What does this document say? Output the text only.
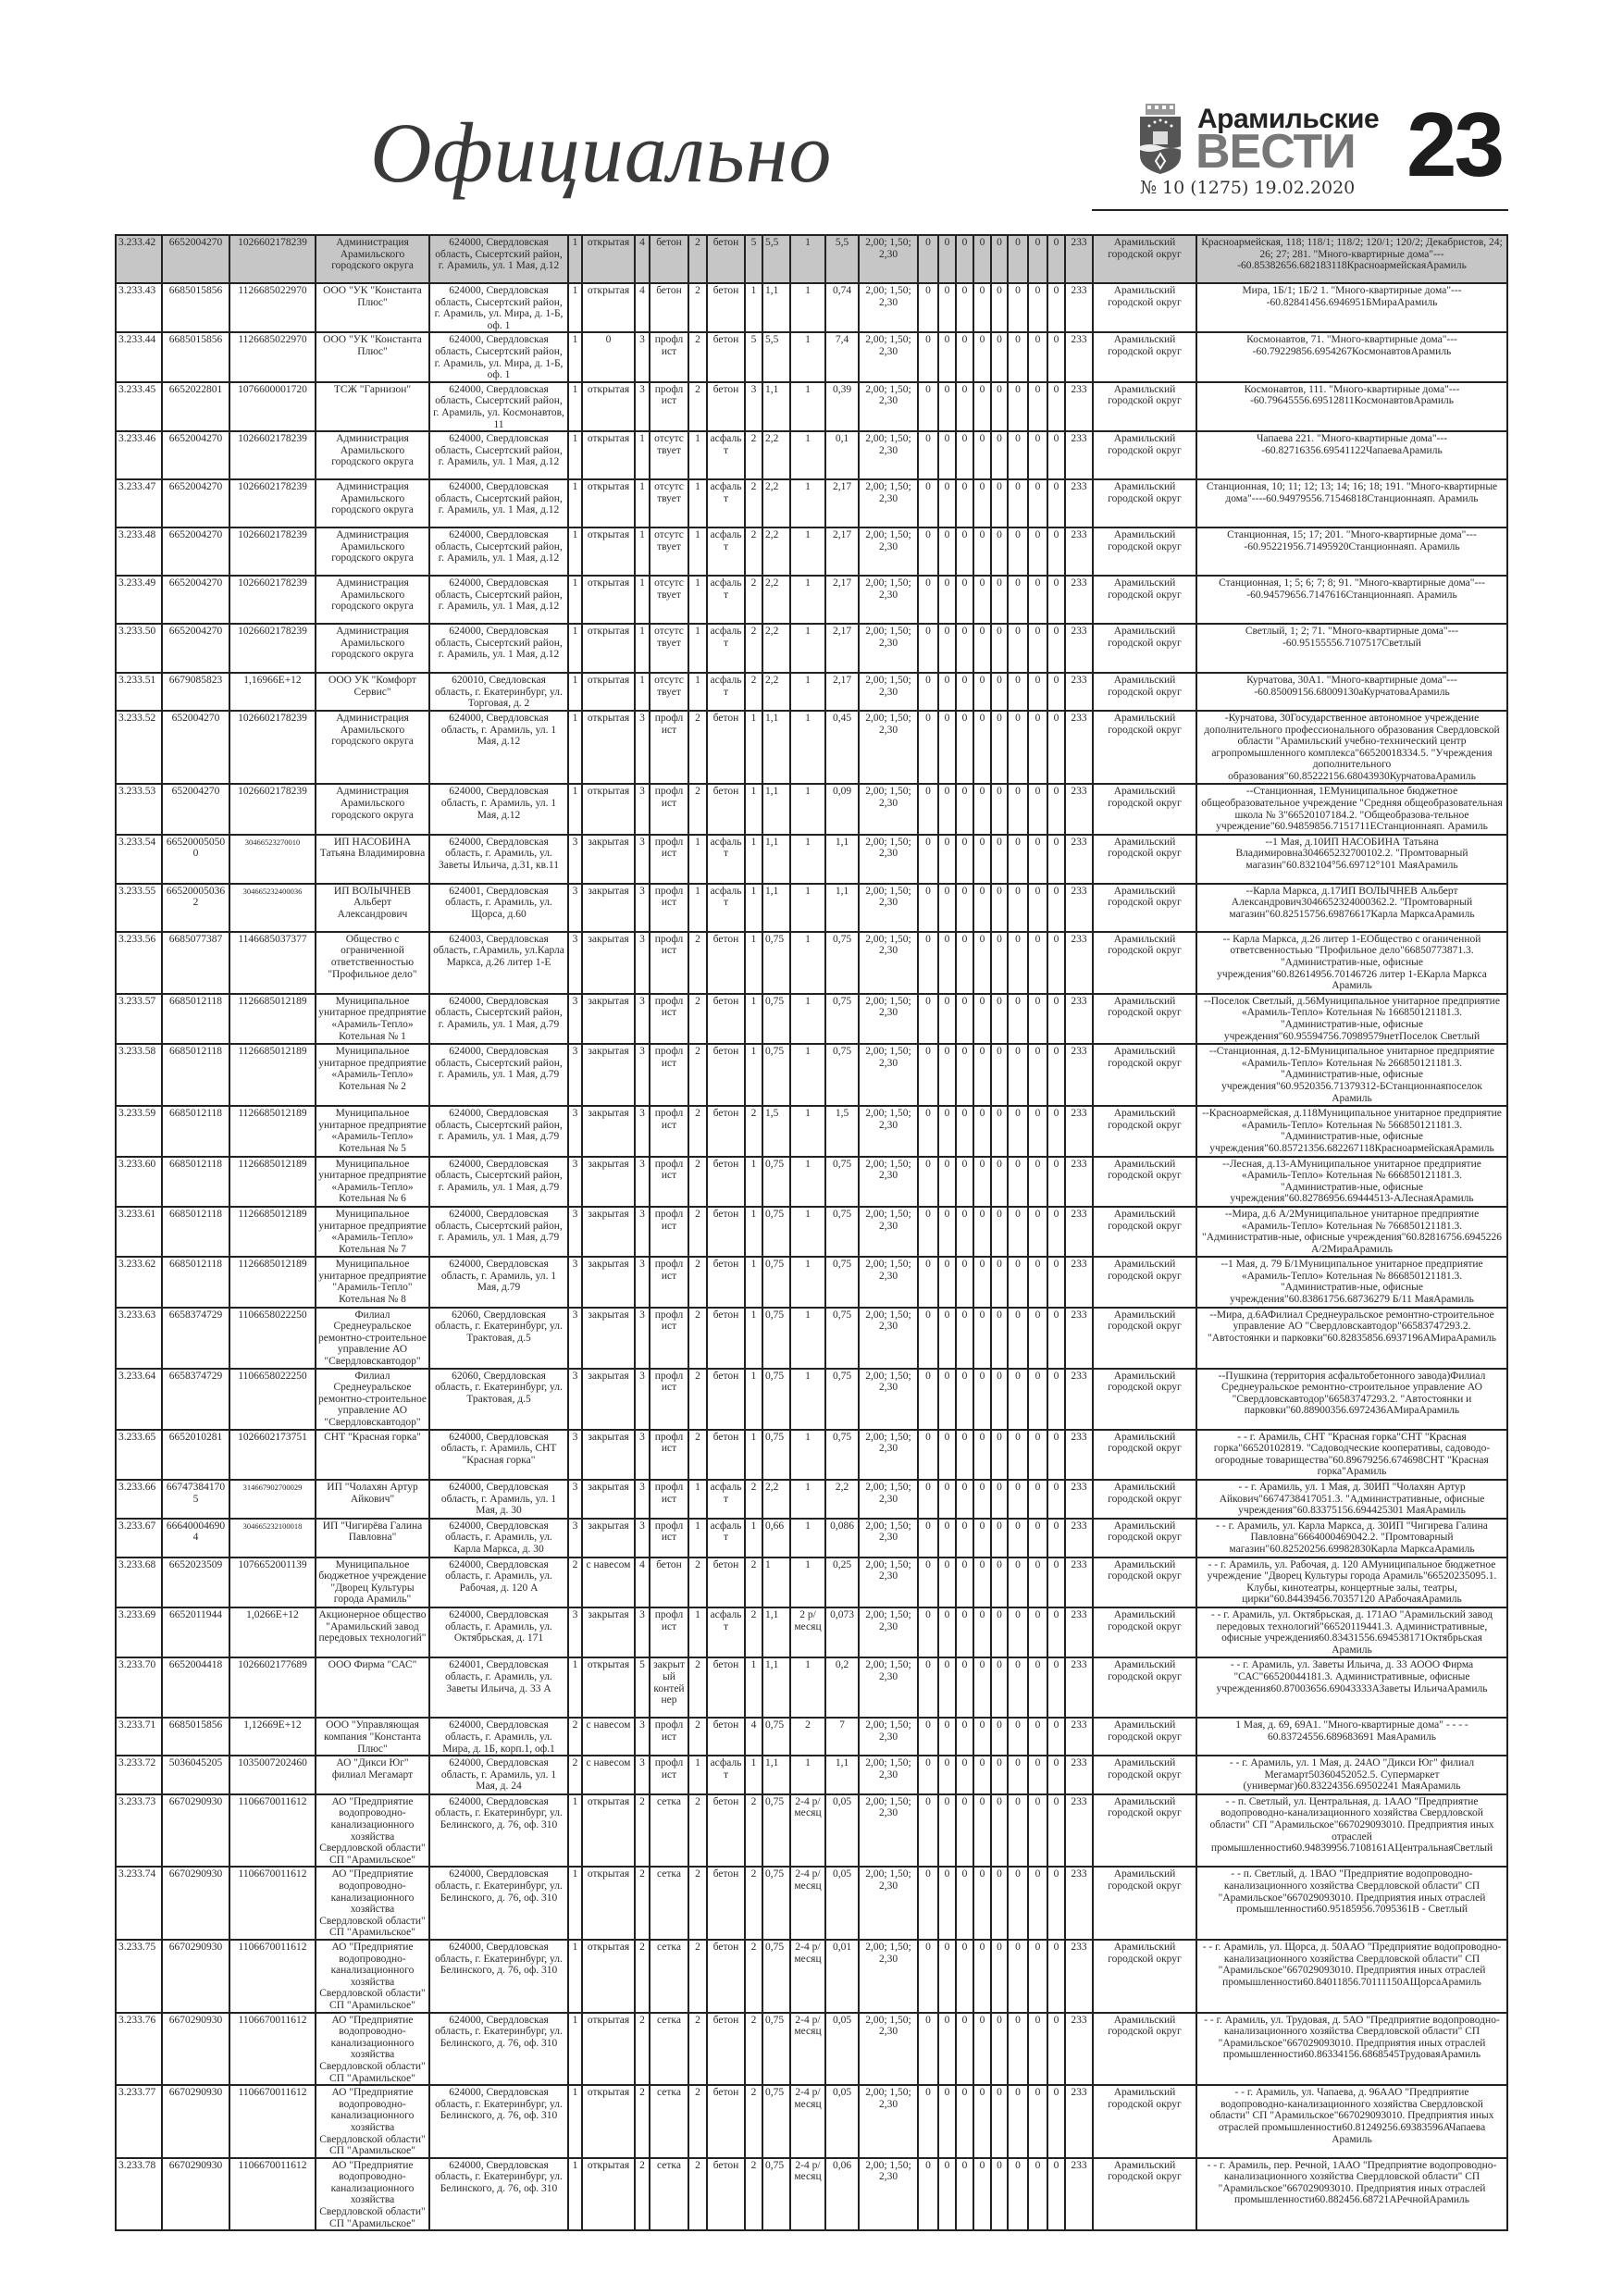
Официально	Арамильские
ВЕСТИ 23
№ 10 (1275) 19.02.2020
3.233.42	6652004270	1026602178239	Администрация Арамильского городского округа	624000, Свердловская область, Сысертский район, г. Арамиль, ул. 1 Мая, д.12	1	открытая	4	бетон	2	бетон	5	5,5	1	5,5	2,00; 1,50; 2,30	0	0	0	0	0	0	0	0	233	Арамильский городской округ	Красноармейская, 118; 118/1; 118/2; 120/1; 120/2; Декабристов, 24; 26; 27; 281. "Много-квартирные дома"----60.85382656.682183118КрасноармейскаяАрамиль
3.233.43	6685015856	1126685022970	ООО "УК "Константа Плюс"	624000, Свердловская область, Сысертский район, г. Арамиль, ул. Мира, д. 1-Б, оф. 1	1	открытая	4	бетон	2	бетон	1	1,1	1	0,74	2,00; 1,50; 2,30	0	0	0	0	0	0	0	0	233	Арамильский городской округ	Мира, 1Б/1; 1Б/2 1. "Много-квартирные дома"----60.82841456.6946951БМираАрамиль
3.233.44	6685015856	1126685022970	ООО "УК "Константа Плюс"	624000, Свердловская область, Сысертский район, г. Арамиль, ул. Мира, д. 1-Б, оф. 1	1	0	3	профлист	2	бетон	5	5,5	1	7,4	2,00; 1,50; 2,30	0	0	0	0	0	0	0	0	233	Арамильский городской округ	Космонавтов, 71. "Много-квартирные дома"----60.79229856.6954267КосмонавтовАрамиль
3.233.45	6652022801	1076600001720	ТСЖ "Гарнизон"	624000, Свердловская область, Сысертский район, г. Арамиль, ул. Космонавтов, 11	1	открытая	3	профлист	2	бетон	3	1,1	1	0,39	2,00; 1,50; 2,30	0	0	0	0	0	0	0	0	233	Арамильский городской округ	Космонавтов, 111. "Много-квартирные дома"----60.79645556.69512811КосмонавтовАрамиль
3.233.46	6652004270	1026602178239	Администрация Арамильского городского округа	624000, Свердловская область, Сысертский район, г. Арамиль, ул. 1 Мая, д.12	1	открытая	1	отсутствует	1	асфальт	2	2,2	1	0,1	2,00; 1,50; 2,30	0	0	0	0	0	0	0	0	233	Арамильский городской округ	Чапаева 221. "Много-квартирные дома"----60.82716356.69541122ЧапаеваАрамиль
3.233.47	6652004270	1026602178239	Администрация Арамильского городского округа	624000, Свердловская область, Сысертский район, г. Арамиль, ул. 1 Мая, д.12	1	открытая	1	отсутствует	1	асфальт	2	2,2	1	2,17	2,00; 1,50; 2,30	0	0	0	0	0	0	0	0	233	Арамильский городской округ	Станционная, 10; 11; 12; 13; 14; 16; 18; 191. "Много-квартирные дома"----60.94979556.71546818Станционнаяп. Арамиль
3.233.48	6652004270	1026602178239	Администрация Арамильского городского округа	624000, Свердловская область, Сысертский район, г. Арамиль, ул. 1 Мая, д.12	1	открытая	1	отсутствует	1	асфальт	2	2,2	1	2,17	2,00; 1,50; 2,30	0	0	0	0	0	0	0	0	233	Арамильский городской округ	Станционная, 15; 17; 201. "Много-квартирные дома"----60.95221956.71495920Станционнаяп. Арамиль
3.233.49	6652004270	1026602178239	Администрация Арамильского городского округа	624000, Свердловская область, Сысертский район, г. Арамиль, ул. 1 Мая, д.12	1	открытая	1	отсутствует	1	асфальт	2	2,2	1	2,17	2,00; 1,50; 2,30	0	0	0	0	0	0	0	0	233	Арамильский городской округ	Станционная, 1; 5; 6; 7; 8; 91. "Много-квартирные дома"----60.94579656.7147616Станционнаяп. Арамиль
3.233.50	6652004270	1026602178239	Администрация Арамильского городского округа	624000, Свердловская область, Сысертский район, г. Арамиль, ул. 1 Мая, д.12	1	открытая	1	отсутствует	1	асфальт	2	2,2	1	2,17	2,00; 1,50; 2,30	0	0	0	0	0	0	0	0	233	Арамильский городской округ	Светлый, 1; 2; 71. "Много-квартирные дома"----60.95155556.7107517Светлый
3.233.51	6679085823	1,16966E+12	ООО УК "Комфорт Сервис"	620010, Сведловская область, г. Екатеринбург, ул. Торговая, д. 2	1	открытая	1	отсутствует	1	асфальт	2	2,2	1	2,17	2,00; 1,50; 2,30	0	0	0	0	0	0	0	0	233	Арамильский городской округ	Курчатова, 30А1. "Много-квартирные дома"----60.85009156.68009130аКурчатоваАрамиль
3.233.52	652004270	1026602178239	Администрация Арамильского городского округа	624000, Свердловская область, г. Арамиль, ул. 1 Мая, д.12	1	открытая	3	профлист	2	бетон	1	1,1	1	0,45	2,00; 1,50; 2,30	0	0	0	0	0	0	0	0	233	Арамильский городской округ	-Курчатова, 30Государственное автономное учреждение дополнительного профессионального образования Свердловской области "Арамильский учебно-технический центр агропромышленного комплекса"66520018334.5. "Учреждения дополнительного образования"60.85222156.68043930КурчатоваАрамиль
3.233.53	652004270	1026602178239	Администрация Арамильского городского округа	624000, Свердловская область, г. Арамиль, ул. 1 Мая, д.12	1	открытая	3	профлист	2	бетон	1	1,1	1	0,09	2,00; 1,50; 2,30	0	0	0	0	0	0	0	0	233	Арамильский городской округ	--Станционная, 1ЕМуниципальное бюджетное общеобразовательное учреждение "Средняя общеобразовательная школа № 3"66520107184.2. "Общеобразова-тельное учреждение"60.94859856.7151711ЕСтанционнаяп. Арамиль
3.233.54	665200050500	30466523270010	ИП НАСОБИНА Татьяна Владимировна	624000, Свердловская область, г. Арамиль, ул. Заветы Ильича, д.31, кв.11	3	закрытая	3	профлист	1	асфальт	1	1,1	1	1,1	2,00; 1,50; 2,30	0	0	0	0	0	0	0	0	233	Арамильский городской округ	--1 Мая, д.10ИП НАСОБИНА Татьяна Владимировна304665232700102.2. "Промтоварный магазин"60.832104°56.69712°101 МаяАрамиль
3.233.55	665200050362	304665232400036	ИП ВОЛЫЧНЕВ Альберт Александрович	624001, Свердловская область, г. Арамиль, ул. Щорса, д.60	3	закрытая	3	профлист	1	асфальт	1	1,1	1	1,1	2,00; 1,50; 2,30	0	0	0	0	0	0	0	0	233	Арамильский городской округ	--Карла Маркса, д.17ИП ВОЛЫЧНЕВ Альберт Александрович3046652324000362.2. "Промтоварный магазин"60.82515756.69876617Карла МарксаАрамиль
3.233.56	6685077387	1146685037377	Общество с ограниченной ответственностью "Профильное дело"	624003, Свердловская область, г.Арамиль, ул.Карла Маркса, д.26 литер 1-Е	3	закрытая	3	профлист	2	бетон	1	0,75	1	0,75	2,00; 1,50; 2,30	0	0	0	0	0	0	0	0	233	Арамильский городской округ	-- Карла Маркса, д.26 литер 1-ЕОбщество с оганиченной ответсвенностьью "Профильное дело"66850773871.3. "Административ-ные, офисные учреждения"60.82614956.70146726 литер 1-ЕКарла Маркса Арамиль
3.233.57	6685012118	1126685012189	Муниципальное унитарное предприятие «Арамиль-Тепло» Котельная № 1	624000, Свердловская область, Сысертский район, г. Арамиль, ул. 1 Мая, д.79	3	закрытая	3	профлист	2	бетон	1	0,75	1	0,75	2,00; 1,50; 2,30	0	0	0	0	0	0	0	0	233	Арамильский городской округ	--Поселок Светлый, д.56Муниципальное унитарное предприятие «Арамиль-Тепло» Котельная № 166850121181.3. "Административ-ные, офисные учреждения"60.95594756.70989579нетПоселок Светлый
3.233.58	6685012118	1126685012189	Муниципальное унитарное предприятие «Арамиль-Тепло» Котельная № 2	624000, Свердловская область, Сысертский район, г. Арамиль, ул. 1 Мая, д.79	3	закрытая	3	профлист	2	бетон	1	0,75	1	0,75	2,00; 1,50; 2,30	0	0	0	0	0	0	0	0	233	Арамильский городской округ	--Станционная, д.12-БМуниципальное унитарное предприятие «Арамиль-Тепло» Котельная № 266850121181.3. "Административ-ные, офисные учреждения"60.9520356.71379312-БСтанционнаяпоселок Арамиль
3.233.59	6685012118	1126685012189	Муниципальное унитарное предприятие «Арамиль-Тепло» Котельная № 5	624000, Свердловская область, Сысертский район, г. Арамиль, ул. 1 Мая, д.79	3	закрытая	3	профлист	2	бетон	2	1,5	1	1,5	2,00; 1,50; 2,30	0	0	0	0	0	0	0	0	233	Арамильский городской округ	--Красноармейская, д.118Муниципальное унитарное предприятие «Арамиль-Тепло» Котельная № 566850121181.3. "Административ-ные, офисные учреждения"60.85721356.682267118КрасноармейскаяАрамиль
3.233.60	6685012118	1126685012189	Муниципальное унитарное предприятие «Арамиль-Тепло» Котельная № 6	624000, Свердловская область, Сысертский район, г. Арамиль, ул. 1 Мая, д.79	3	закрытая	3	профлист	2	бетон	1	0,75	1	0,75	2,00; 1,50; 2,30	0	0	0	0	0	0	0	0	233	Арамильский городской округ	--Лесная, д.13-АМуниципальное унитарное предприятие «Арамиль-Тепло» Котельная № 666850121181.3. "Административ-ные, офисные учреждения"60.82786956.69444513-АЛеснаяАрамиль
3.233.61	6685012118	1126685012189	Муниципальное унитарное предприятие «Арамиль-Тепло» Котельная № 7	624000, Свердловская область, Сысертский район, г. Арамиль, ул. 1 Мая, д.79	3	закрытая	3	профлист	2	бетон	1	0,75	1	0,75	2,00; 1,50; 2,30	0	0	0	0	0	0	0	0	233	Арамильский городской округ	--Мира, д.6 А/2Муниципальное унитарное предприятие «Арамиль-Тепло» Котельная № 766850121181.3. "Административ-ные, офисные учреждения"60.82816756.6945226 А/2МираАрамиль
3.233.62	6685012118	1126685012189	Муниципальное унитарное предприятие "Арамиль-Тепло" Котельная № 8	624000, Свердловская область, г. Арамиль, ул. 1 Мая, д.79	3	закрытая	3	профлист	2	бетон	1	0,75	1	0,75	2,00; 1,50; 2,30	0	0	0	0	0	0	0	0	233	Арамильский городской округ	--1 Мая, д. 79 Б/1Муниципальное унитарное предприятие «Арамиль-Тепло» Котельная № 866850121181.3. "Административ-ные, офисные учреждения"60.83861756.68736279 Б/11 МаяАрамиль
3.233.63	6658374729	1106658022250	Филиал Среднеуральское ремонтно-строительное управление АО "Свердловскавтодор"	62060, Свердловская область, г. Екатеринбург, ул. Трактовая, д.5	3	закрытая	3	профлист	2	бетон	1	0,75	1	0,75	2,00; 1,50; 2,30	0	0	0	0	0	0	0	0	233	Арамильский городской округ	--Мира, д.6АФилиал Среднеуральское ремонтно-строительное управление АО "Свердловскавтодор"66583747293.2. "Автостоянки и парковки"60.82835856.6937196АМираАрамиль
3.233.64	6658374729	1106658022250	Филиал Среднеуральское ремонтно-строительное управление АО "Свердловскавтодор"	62060, Свердловская область, г. Екатеринбург, ул. Трактовая, д.5	3	закрытая	3	профлист	2	бетон	1	0,75	1	0,75	2,00; 1,50; 2,30	0	0	0	0	0	0	0	0	233	Арамильский городской округ	--Пушкина (территория асфальтобетонного завода)Филиал Среднеуральское ремонтно-строительное управление АО "Свердловскавтодор"66583747293.2. "Автостоянки и парковки"60.88900356.6972436АМираАрамиль
3.233.65	6652010281	1026602173751	СНТ "Красная горка"	624000, Свердловская область, г. Арамиль, СНТ "Красная горка"	3	закрытая	3	профлист	2	бетон	1	0,75	1	0,75	2,00; 1,50; 2,30	0	0	0	0	0	0	0	0	233	Арамильский городской округ	- - г. Арамиль, СНТ "Красная горка"СНТ "Красная горка"66520102819. "Садоводческие кооперативы, садоводо-огородные товарищества"60.89679256.674698СНТ "Красная горка"Арамиль
3.233.66	667473841705	314667902700029	ИП "Чолахян Артур Айкович"	624000, Свердловская область, г. Арамиль, ул. 1 Мая, д. 30	3	закрытая	3	профлист	1	асфальт	2	2,2	1	2,2	2,00; 1,50; 2,30	0	0	0	0	0	0	0	0	233	Арамильский городской округ	- - г. Арамиль, ул. 1 Мая, д. 30ИП "Чолахян Артур Айкович"6674738417051.3. "Административные, офисные учреждения"60.83375156.694425301 МаяАрамиль
3.233.67	666400046904	304665232100018	ИП "Чигирёва Галина Павловна"	624000, Свердловская область, г. Арамиль, ул. Карла Маркса, д. 30	3	закрытая	3	профлист	1	асфальт	1	0,66	1	0,086	2,00; 1,50; 2,30	0	0	0	0	0	0	0	0	233	Арамильский городской округ	- - г. Арамиль, ул. Карла Маркса, д. 30ИП "Чигирева Галина Павловна"6664000469042.2. "Промтоварный магазин"60.82520256.69982830Карла МарксаАрамиль
3.233.68	6652023509	1076652001139	Муниципальное бюджетное учреждение "Дворец Культуры города Арамиль"	624000, Свердловская область, г. Арамиль, ул. Рабочая, д. 120 А	2	с навесом	4	бетон	2	бетон	2	1	1	0,25	2,00; 1,50; 2,30	0	0	0	0	0	0	0	0	233	Арамильский городской округ	- - г. Арамиль, ул. Рабочая, д. 120 АМуниципальное бюджетное учреждение "Дворец Культуры города Арамиль"66520235095.1. Клубы, кинотеатры, концертные залы, театры, цирки"60.84439456.70357120 АРабочаяАрамиль
3.233.69	6652011944	1,0266E+12	Акционерное общество "Арамильский завод передовых технологий"	624000, Свердловская область, г. Арамиль, ул. Октябрьская, д. 171	3	закрытая	3	профлист	1	асфальт	2	1,1	2 р/месяц	0,073	2,00; 1,50; 2,30	0	0	0	0	0	0	0	0	233	Арамильский городской округ	- - г. Арамиль, ул. Октябрьская, д. 171АО "Арамильский завод передовых технологий"66520119441.3. Административные, офисные учреждения60.83431556.694538171Октябрьская Арамиль
3.233.70	6652004418	1026602177689	ООО Фирма "САС"	624001, Свердловская область, г. Арамиль, ул. Заветы Ильича, д. 33 А	1	открытая	5	закрытый контейнер	2	бетон	1	1,1	1	0,2	2,00; 1,50; 2,30	0	0	0	0	0	0	0	0	233	Арамильский городской округ	- - г. Арамиль, ул. Заветы Ильича, д. 33 АООО Фирма "САС"66520044181.3. Административные, офисные учреждения60.87003656.69043333АЗаветы ИльичаАрамиль
3.233.71	6685015856	1,12669E+12	ООО "Управляющая компания "Константа Плюс"	624000, Свердловская область, г. Арамиль, ул. Мира, д. 1Б, корп.1, оф.1	2	с навесом	3	профлист	2	бетон	4	0,75	2	7	2,00; 1,50; 2,30	0	0	0	0	0	0	0	0	233	Арамильский городской округ	1 Мая, д. 69, 69А1. "Много-квартирные дома" - - - - 60.83724556.689683691 МаяАрамиль
3.233.72	5036045205	1035007202460	АО "Дикси Юг" филиал Мегамарт	624000, Свердловская область, г. Арамиль, ул. 1 Мая, д. 24	2	с навесом	3	профлист	1	асфальт	1	1,1	1	1,1	2,00; 1,50; 2,30	0	0	0	0	0	0	0	0	233	Арамильский городской округ	- - г. Арамиль, ул. 1 Мая, д. 24АО "Дикси Юг" филиал Мегамарт50360452052.5. Супермаркет (универмаг)60.83224356.69502241 МаяАрамиль
3.233.73	6670290930	1106670011612	АО "Предприятие водопроводно-канализационного хозяйства Свердловской области" СП "Арамильское"	624000, Свердловская область, г. Екатеринбург, ул. Белинского, д. 76, оф. 310	1	открытая	2	сетка	2	бетон	2	0,75	2-4 р/месяц	0,05	2,00; 1,50; 2,30	0	0	0	0	0	0	0	0	233	Арамильский городской округ	- - п. Светлый, ул. Центральная, д. 1ААО "Предприятие водопроводно-канализационного хозяйства Свердловской области" СП "Арамильское"667029093010. Предприятия иных отраслей промышленности60.94839956.7108161АЦентральнаяСветлый
3.233.74	6670290930	1106670011612	АО "Предприятие водопроводно-канализационного хозяйства Свердловской области" СП "Арамильское"	624000, Свердловская область, г. Екатеринбург, ул. Белинского, д. 76, оф. 310	1	открытая	2	сетка	2	бетон	2	0,75	2-4 р/месяц	0,05	2,00; 1,50; 2,30	0	0	0	0	0	0	0	0	233	Арамильский городской округ	- - п. Светлый, д. 1ВАО "Предприятие водопроводно-канализационного хозяйства Свердловской области" СП "Арамильское"667029093010. Предприятия иных отраслей промышленности60.95185956.7095361В - Светлый
3.233.75	6670290930	1106670011612	АО "Предприятие водопроводно-канализационного хозяйства Свердловской области" СП "Арамильское"	624000, Свердловская область, г. Екатеринбург, ул. Белинского, д. 76, оф. 310	1	открытая	2	сетка	2	бетон	2	0,75	2-4 р/месяц	0,01	2,00; 1,50; 2,30	0	0	0	0	0	0	0	0	233	Арамильский городской округ	- - г. Арамиль, ул. Щорса, д. 50ААО "Предприятие водопроводно-канализационного хозяйства Свердловской области" СП "Арамильское"667029093010. Предприятия иных отраслей промышленности60.84011856.70111150АЩорсаАрамиль
3.233.76	6670290930	1106670011612	АО "Предприятие водопроводно-канализационного хозяйства Свердловской области" СП "Арамильское"	624000, Свердловская область, г. Екатеринбург, ул. Белинского, д. 76, оф. 310	1	открытая	2	сетка	2	бетон	2	0,75	2-4 р/месяц	0,05	2,00; 1,50; 2,30	0	0	0	0	0	0	0	0	233	Арамильский городской округ	- - г. Арамиль, ул. Трудовая, д. 5АО "Предприятие водопроводно-канализационного хозяйства Свердловской области" СП "Арамильское"667029093010. Предприятия иных отраслей промышленности60.86334156.6868545ТрудоваяАрамиль
3.233.77	6670290930	1106670011612	АО "Предприятие водопроводно-канализационного хозяйства Свердловской области" СП "Арамильское"	624000, Свердловская область, г. Екатеринбург, ул. Белинского, д. 76, оф. 310	1	открытая	2	сетка	2	бетон	2	0,75	2-4 р/месяц	0,05	2,00; 1,50; 2,30	0	0	0	0	0	0	0	0	233	Арамильский городской округ	- - г. Арамиль, ул. Чапаева, д. 96ААО "Предприятие водопроводно-канализационного хозяйства Свердловской области" СП "Арамильское"667029093010. Предприятия иных отраслей промышленности60.81249256.69383596АЧапаева Арамиль
3.233.78	6670290930	1106670011612	АО "Предприятие водопроводно-канализационного хозяйства Свердловской области" СП "Арамильское"	624000, Свердловская область, г. Екатеринбург, ул. Белинского, д. 76, оф. 310	1	открытая	2	сетка	2	бетон	2	0,75	2-4 р/месяц	0,06	2,00; 1,50; 2,30	0	0	0	0	0	0	0	0	233	Арамильский городской округ	- - г. Арамиль, пер. Речной, 1ААО "Предприятие водопроводно-канализационного хозяйства Свердловской области" СП "Арамильское"667029093010. Предприятия иных отраслей промышленности60.882456.68721АРечнойАрамиль
